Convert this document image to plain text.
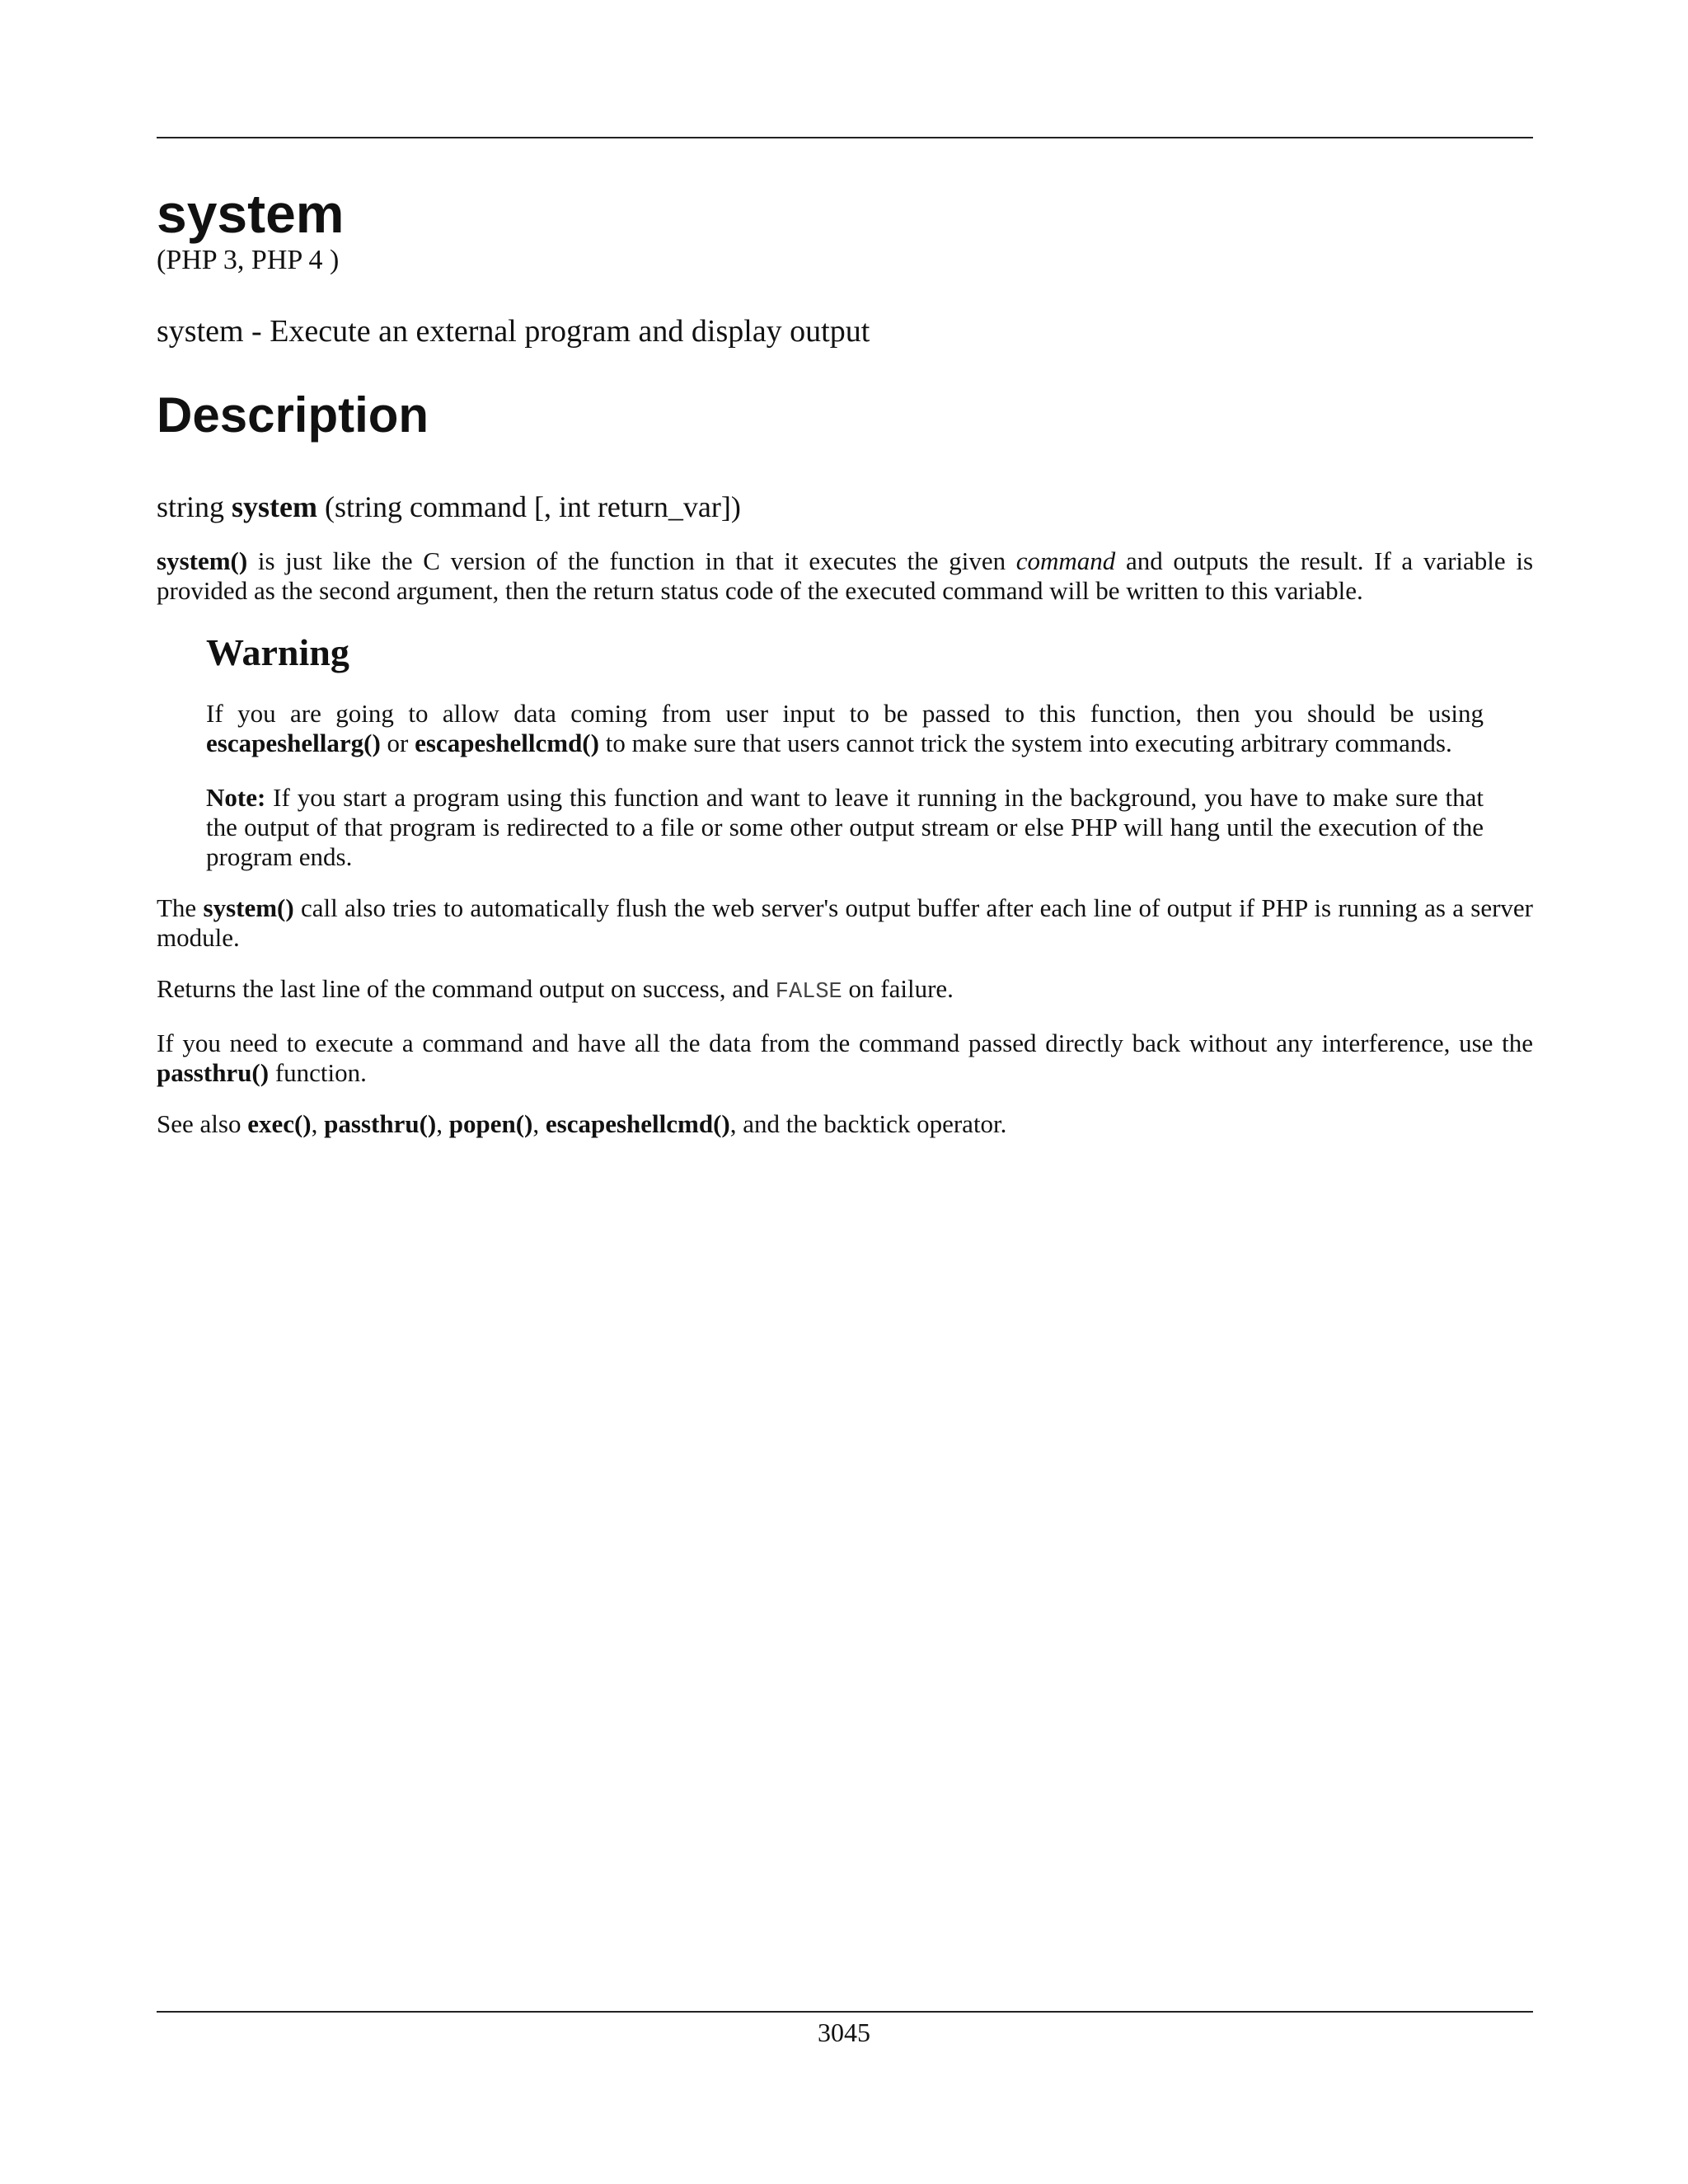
system
(PHP 3, PHP 4 )
system - Execute an external program and display output
Description
string system (string command [, int return_var])

system() is just like the C version of the function in that it executes the given command and outputs the result. If a variable is provided as the second argument, then the return status code of the executed command will be written to this variable.

Warning

If you are going to allow data coming from user input to be passed to this function, then you should be using escapeshellarg() or escapeshellcmd() to make sure that users cannot trick the system into executing arbitrary commands.

Note: If you start a program using this function and want to leave it running in the background, you have to make sure that the output of that program is redirected to a file or some other output stream or else PHP will hang until the execution of the program ends.

The system() call also tries to automatically flush the web server's output buffer after each line of output if PHP is running as a server module.

Returns the last line of the command output on success, and FALSE on failure.

If you need to execute a command and have all the data from the command passed directly back without any interference, use the passthru() function.

See also exec(), passthru(), popen(), escapeshellcmd(), and the backtick operator.

3045
